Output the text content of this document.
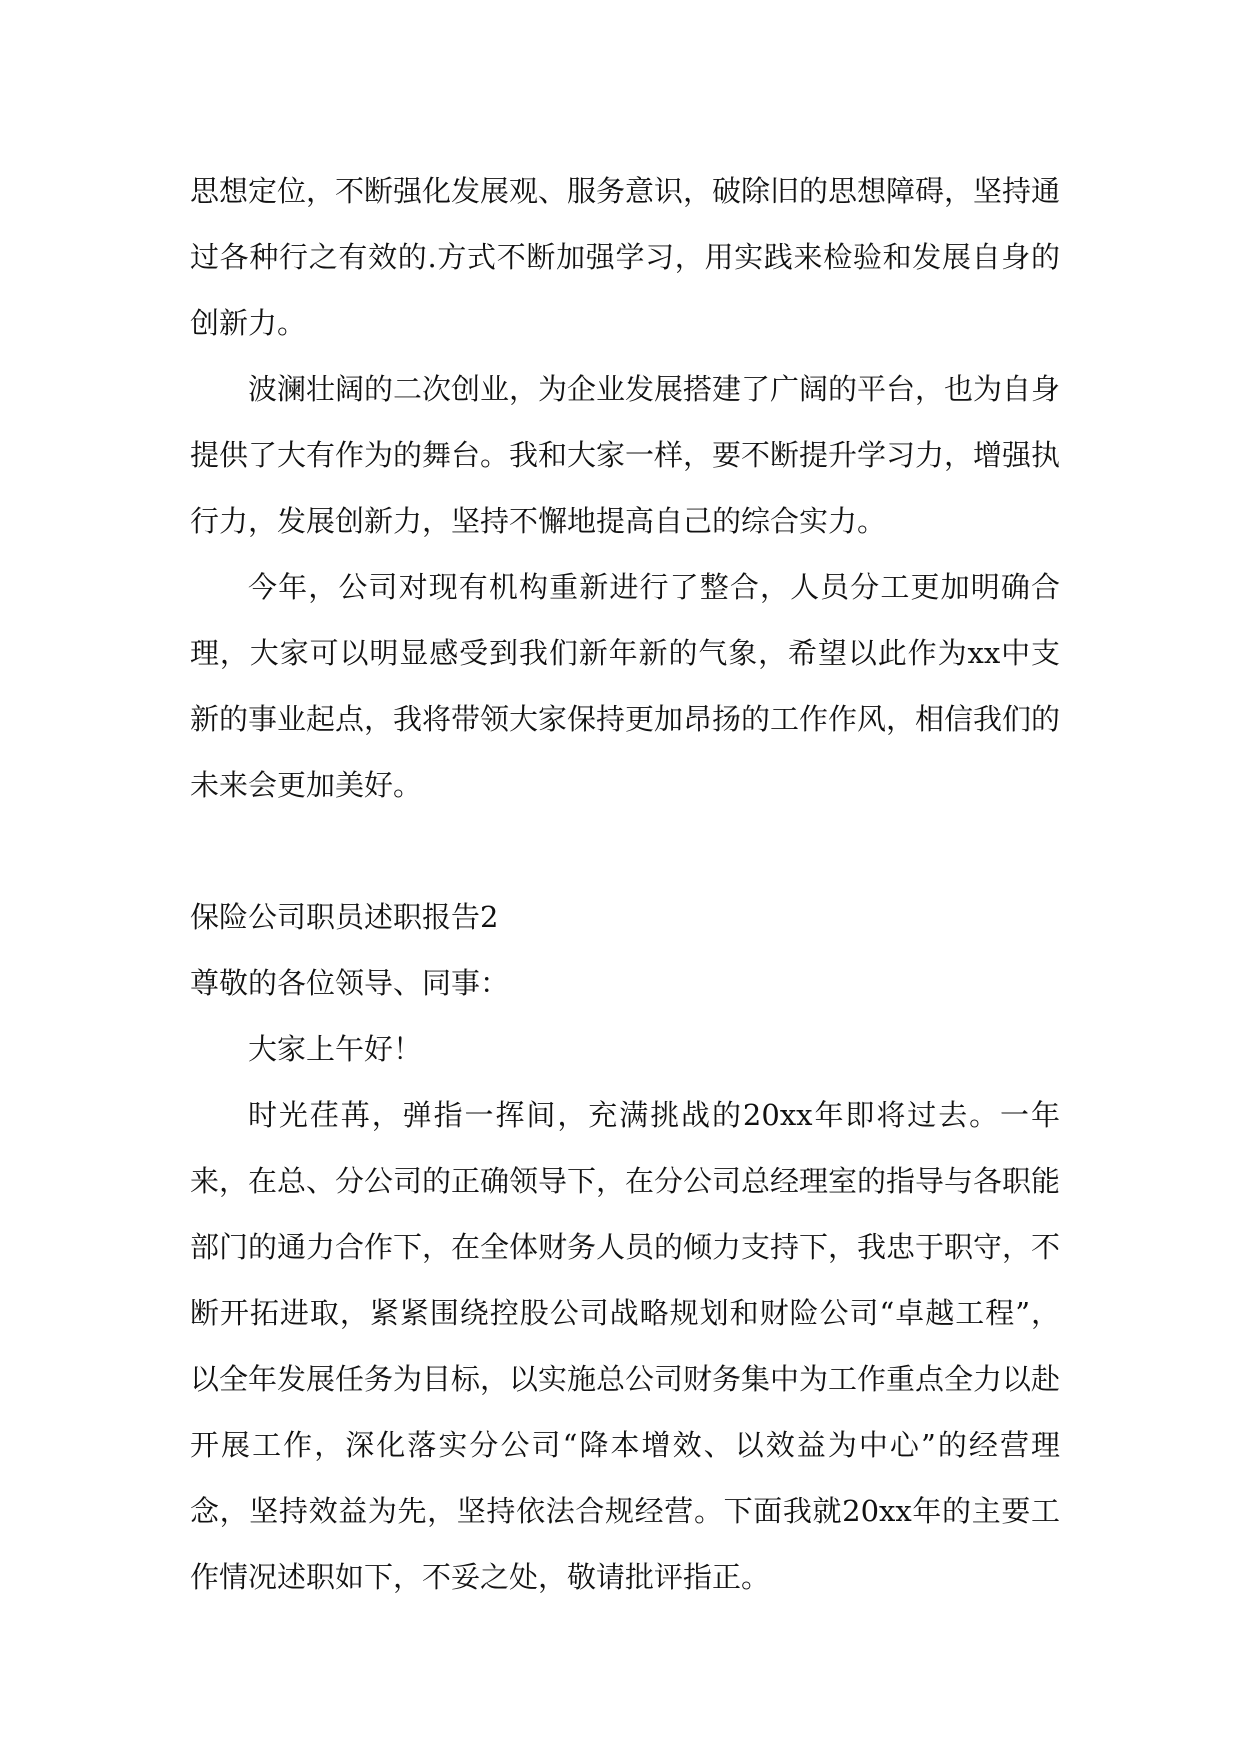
思想定位，不断强化发展观、服务意识，破除旧的思想障碍，坚持通过各种行之有效的.方式不断加强学习，用实践来检验和发展自身的创新力。

波澜壮阔的二次创业，为企业发展搭建了广阔的平台，也为自身提供了大有作为的舞台。我和大家一样，要不断提升学习力，增强执行力，发展创新力，坚持不懈地提高自己的综合实力。

今年，公司对现有机构重新进行了整合，人员分工更加明确合理，大家可以明显感受到我们新年新的气象，希望以此作为xx中支新的事业起点，我将带领大家保持更加昂扬的工作作风，相信我们的未来会更加美好。

保险公司职员述职报告2

尊敬的各位领导、同事：

大家上午好！

时光荏苒，弹指一挥间，充满挑战的20xx年即将过去。一年来，在总、分公司的正确领导下，在分公司总经理室的指导与各职能部门的通力合作下，在全体财务人员的倾力支持下，我忠于职守，不断开拓进取，紧紧围绕控股公司战略规划和财险公司“卓越工程”，以全年发展任务为目标，以实施总公司财务集中为工作重点全力以赴开展工作，深化落实分公司“降本增效、以效益为中心”的经营理念，坚持效益为先，坚持依法合规经营。下面我就20xx年的主要工作情况述职如下，不妥之处，敬请批评指正。
